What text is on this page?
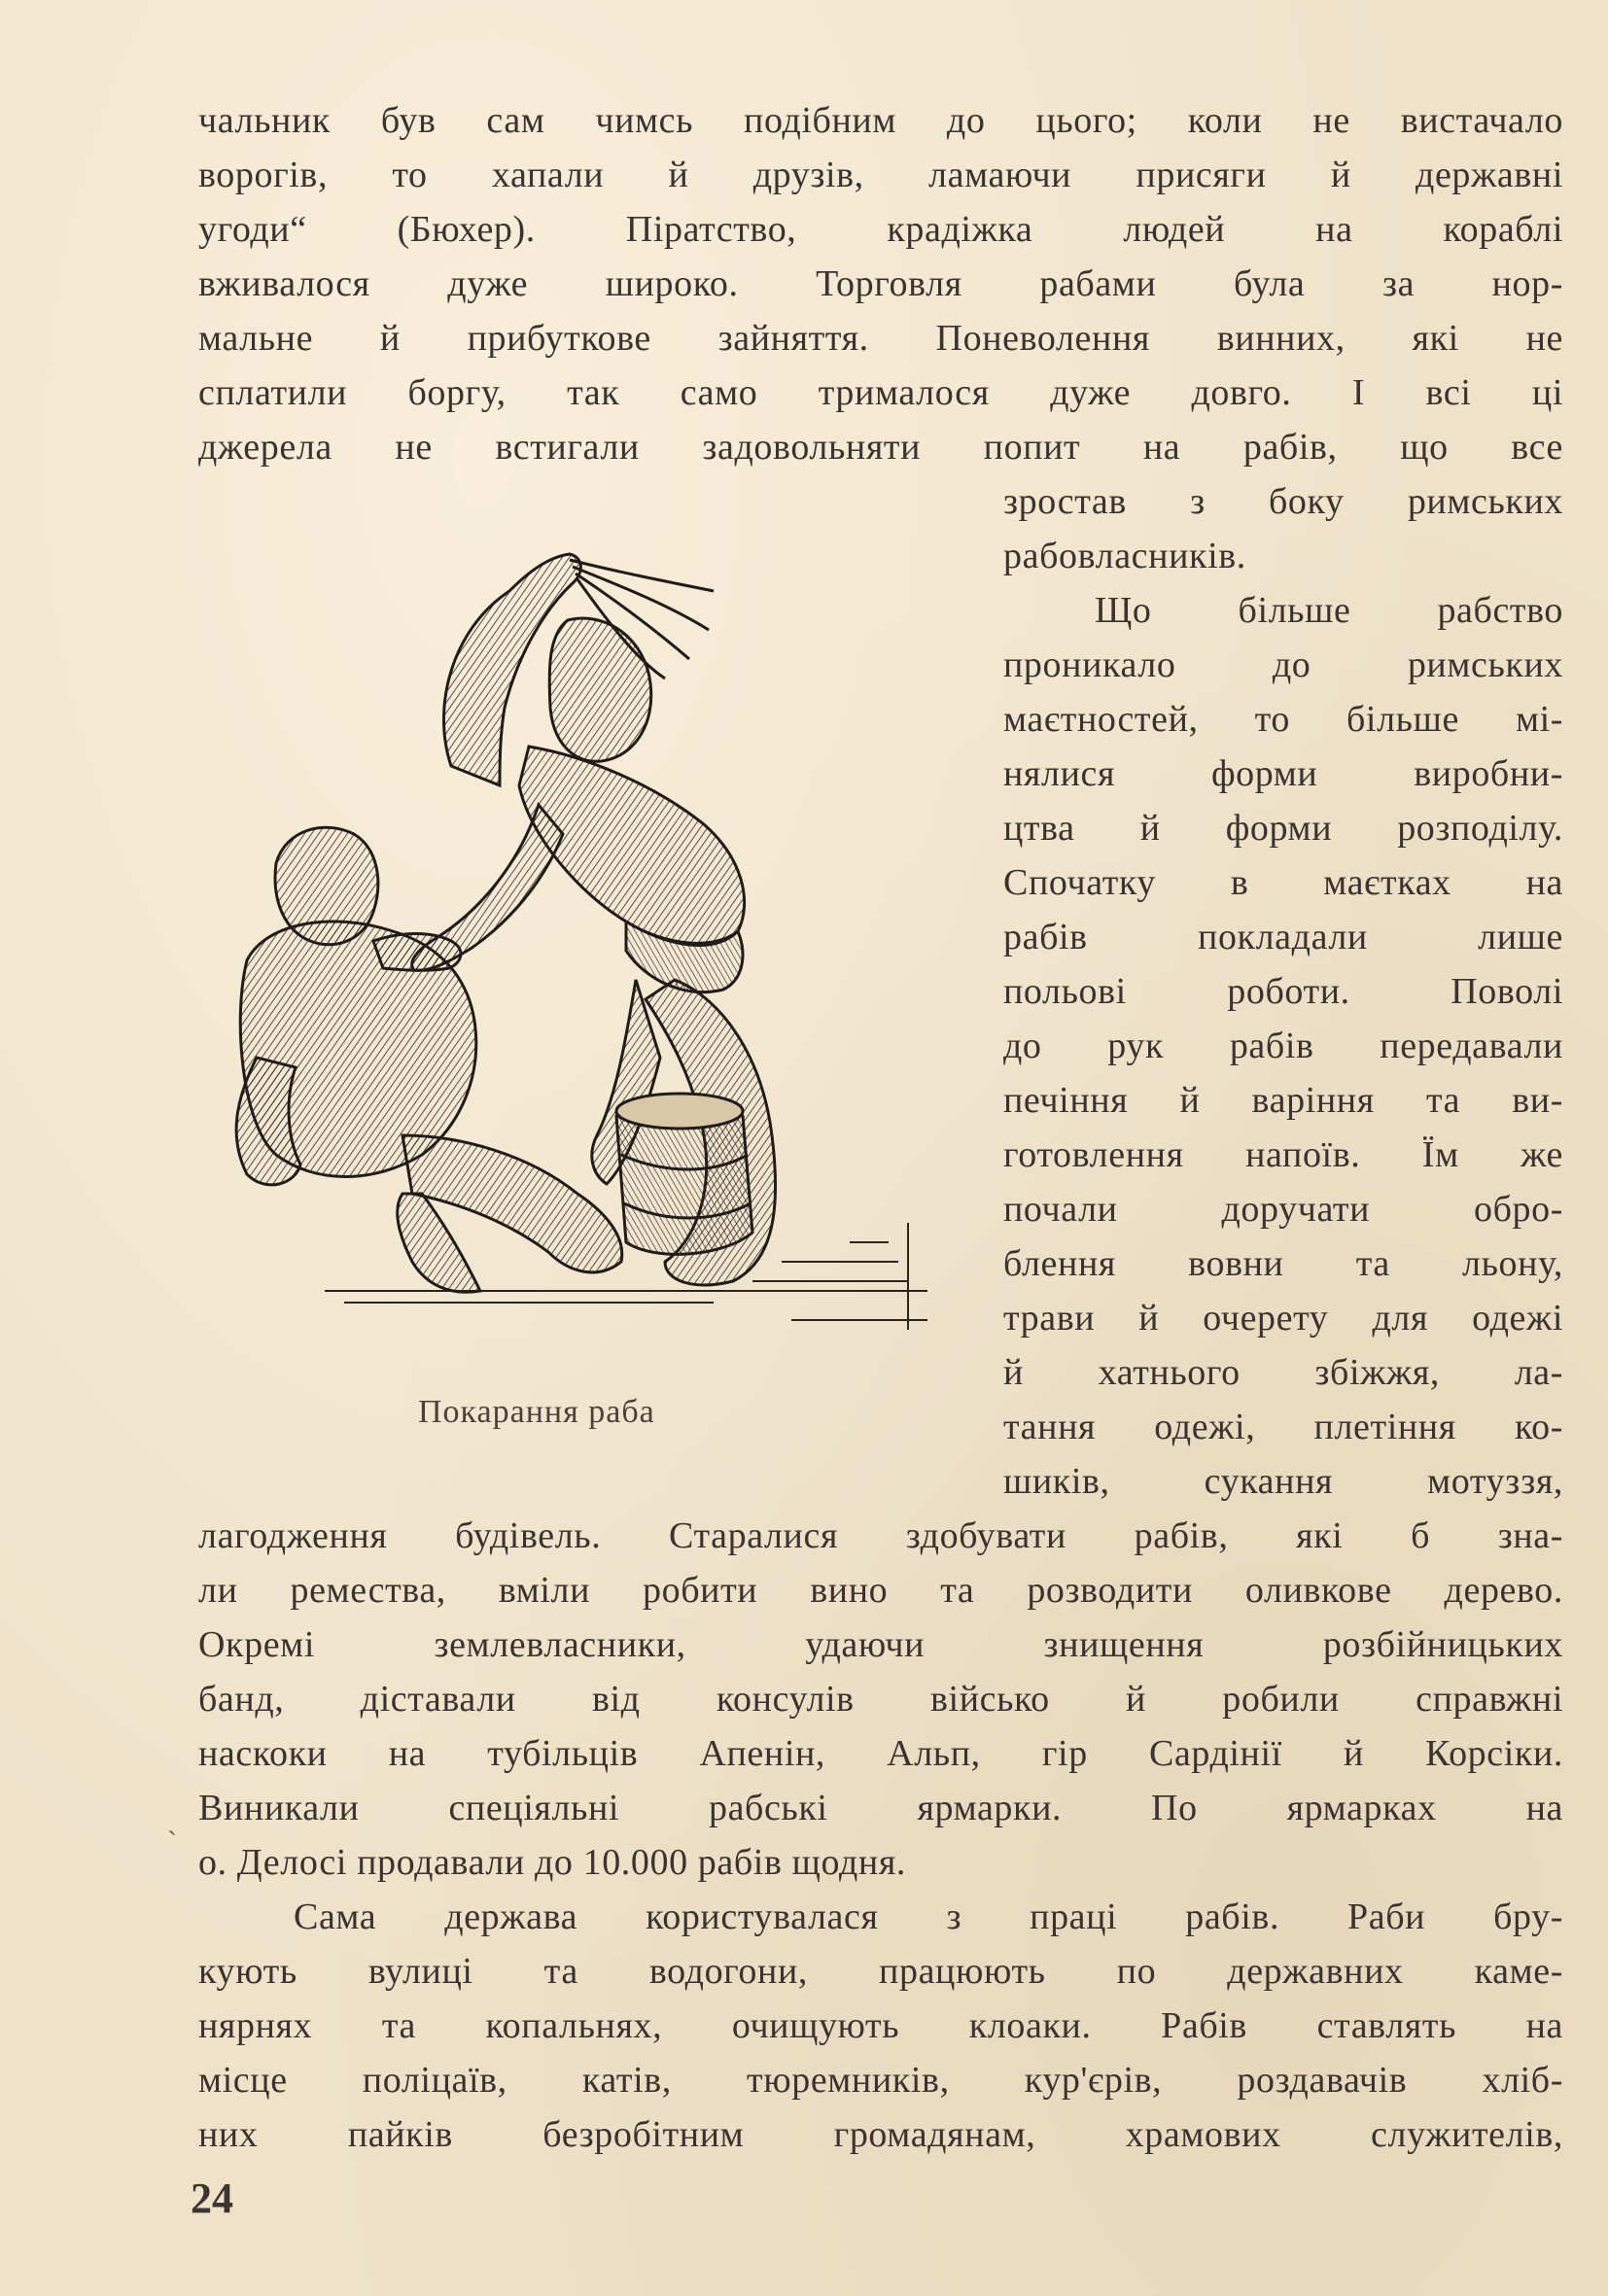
чальник був сам чимсь подібним до цього; коли не вистачало
ворогів, то хапали й друзів, ламаючи присяги й державні
угоди“ (Бюхер). Піратство, крадіжка людей на кораблі
вживалося дуже широко. Торговля рабами була за нор-
мальне й прибуткове зайняття. Поневолення винних, які не
сплатили боргу, так само трималося дуже довго. І всі ці
джерела не встигали задовольняти попит на рабів, що все
зростав з боку римських
рабовласників.
Що більше рабство
проникало до римських
маєтностей, то більше мі-
нялися форми виробни-
цтва й форми розподілу.
Спочатку в маєтках на
рабів покладали лише
польові роботи. Поволі
до рук рабів передавали
печіння й варіння та ви-
готовлення напоїв. Їм же
почали доручати обро-
блення вовни та льону,
трави й очерету для одежі
й хатнього збіжжя, ла-
тання одежі, плетіння ко-
шиків, сукання мотуззя,
Покарання раба
лагодження будівель. Старалися здобувати рабів, які б зна-
ли ремества, вміли робити вино та розводити оливкове дерево.
Окремі землевласники, удаючи знищення розбійницьких
банд, діставали від консулів військо й робили справжні
наскоки на тубільців Апенін, Альп, гір Сардінії й Корсіки.
Виникали спеціяльні рабські ярмарки. По ярмарках на
о. Делосі продавали до 10.000 рабів щодня.
Сама держава користувалася з праці рабів. Раби бру-
кують вулиці та водогони, працюють по державних каме-
нярнях та копальнях, очищують клоаки. Рабів ставлять на
місце поліцаїв, катів, тюремників, кур'єрів, роздавачів хліб-
них пайків безробітним громадянам, храмових служителів,
24
`
